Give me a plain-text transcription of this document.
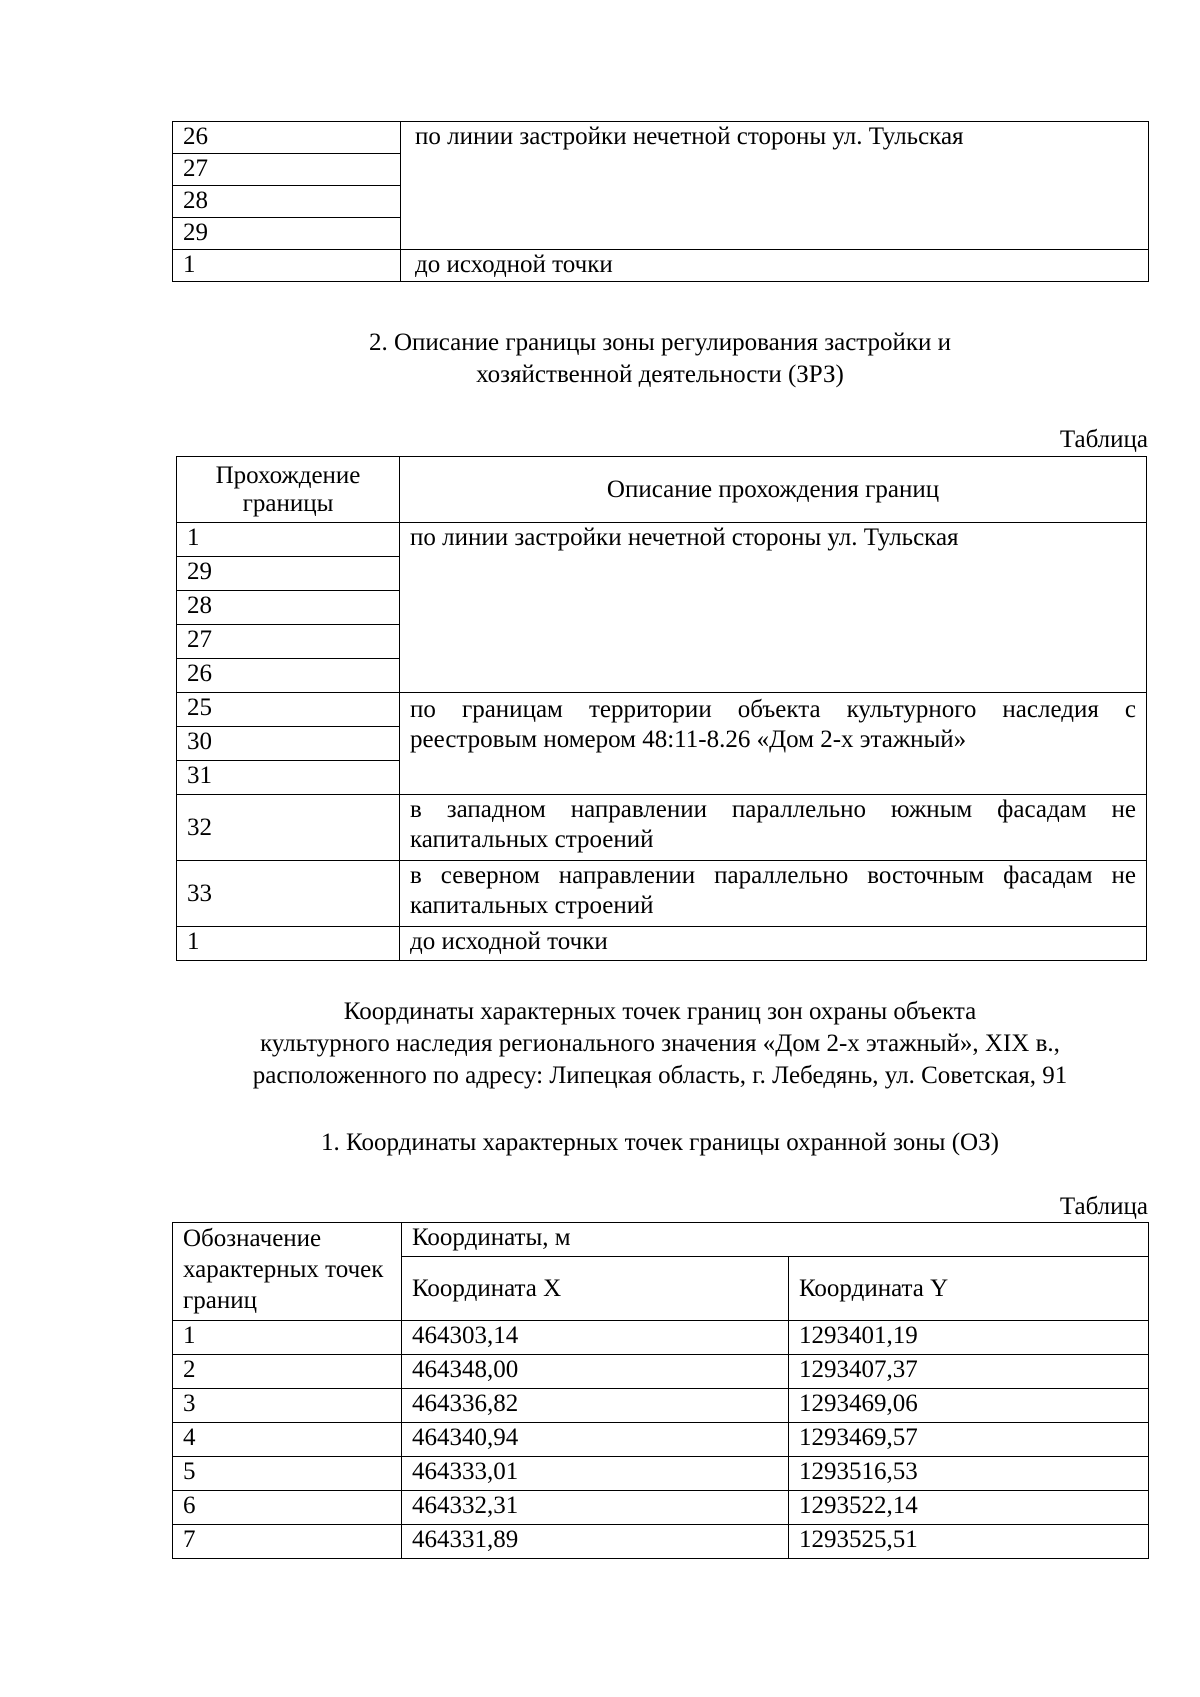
26	по линии застройки нечетной стороны ул. Тульская
27	
28	
29	
1	до исходной точки
2. Описание границы зоны регулирования застройки и
хозяйственной деятельности (ЗРЗ)
Таблица
Прохождение границы	Описание прохождения границ
1	по линии застройки нечетной стороны ул. Тульская
29	
28	
27	
26	
25	по границам территории объекта культурного наследия с реестровым номером 48:11-8.26 «Дом 2-х этажный»
30	
31	
32	в западном направлении параллельно южным фасадам не капитальных строений
33	в северном направлении параллельно восточным фасадам не капитальных строений
1	до исходной точки
Координаты характерных точек границ зон охраны объекта
культурного наследия регионального значения «Дом 2-х этажный», XIX в.,
расположенного по адресу: Липецкая область, г. Лебедянь, ул. Советская, 91
1. Координаты характерных точек границы охранной зоны (ОЗ)
Таблица
Обозначение характерных точек границ	Координаты, м	
	Координата X	Координата Y
1	464303,14	1293401,19
2	464348,00	1293407,37
3	464336,82	1293469,06
4	464340,94	1293469,57
5	464333,01	1293516,53
6	464332,31	1293522,14
7	464331,89	1293525,51
